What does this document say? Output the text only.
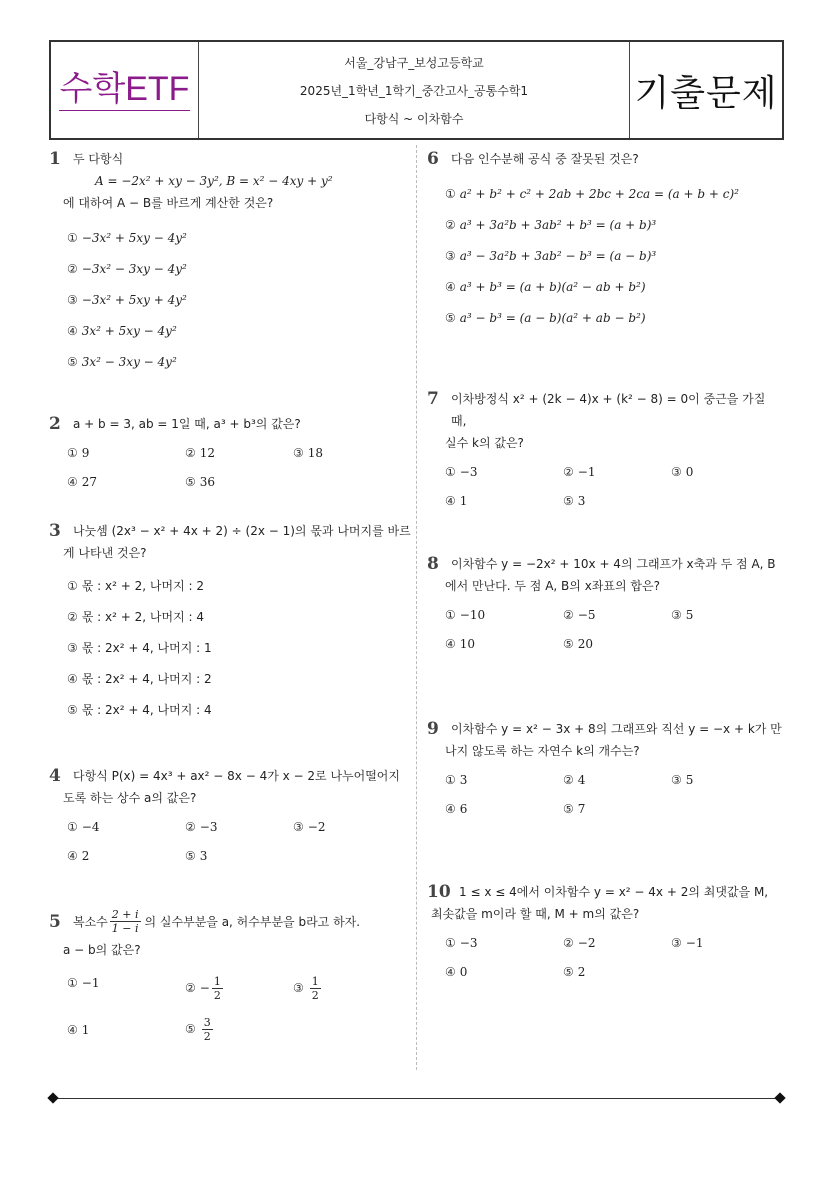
수학ETF
서울_강남구_보성고등학교
2025년_1학년_1학기_중간고사_공통수학1
다항식 ~ 이차함수
기출문제
1	두 다항식
A = −2x² + xy − 3y², B = x² − 4xy + y²
에 대하여 A − B를 바르게 계산한 것은?
① −3x² + 5xy − 4y²
② −3x² − 3xy − 4y²
③ −3x² + 5xy + 4y²
④ 3x² + 5xy − 4y²
⑤ 3x² − 3xy − 4y²
2	a + b = 3, ab = 1일 때, a³ + b³의 값은?
① 9	② 12	③ 18
④ 27	⑤ 36
3	나눗셈 (2x³ − x² + 4x + 2) ÷ (2x − 1)의 몫과 나머지를 바르
게 나타낸 것은?
① 몫 : x² + 2, 나머지 : 2
② 몫 : x² + 2, 나머지 : 4
③ 몫 : 2x² + 4, 나머지 : 1
④ 몫 : 2x² + 4, 나머지 : 2
⑤ 몫 : 2x² + 4, 나머지 : 4
4	다항식 P(x) = 4x³ + ax² − 8x − 4가 x − 2로 나누어떨어지
도록 하는 상수 a의 값은?
① −4	② −3	③ −2
④ 2	⑤ 3
5	복소수 $\frac{2 + i}{1 - i}$ 의 실수부분을 a, 허수부분을 b라고 하자.
a − b의 값은?
① −1	② − $\frac{1}{2}$	③ $\frac{1}{2}$
④ 1	⑤ $\frac{3}{2}$
6	다음 인수분해 공식 중 잘못된 것은?
① a² + b² + c² + 2ab + 2bc + 2ca = (a + b + c)²
② a³ + 3a²b + 3ab² + b³ = (a + b)³
③ a³ − 3a²b + 3ab² − b³ = (a − b)³
④ a³ + b³ = (a + b)(a² − ab + b²)
⑤ a³ − b³ = (a − b)(a² + ab − b²)
7	이차방정식 x² + (2k − 4)x + (k² − 8) = 0이 중근을 가질 때,
실수 k의 값은?
① −3	② −1	③ 0
④ 1	⑤ 3
8	이차함수 y = −2x² + 10x + 4의 그래프가 x축과 두 점 A, B
에서 만난다. 두 점 A, B의 x좌표의 합은?
① −10	② −5	③ 5
④ 10	⑤ 20
9	이차함수 y = x² − 3x + 8의 그래프와 직선 y = −x + k가 만
나지 않도록 하는 자연수 k의 개수는?
① 3	② 4	③ 5
④ 6	⑤ 7
10 1 ≤ x ≤ 4에서 이차함수 y = x² − 4x + 2의 최댓값을 M,
최솟값을 m이라 할 때, M + m의 값은?
① −3	② −2	③ −1
④ 0	⑤ 2
